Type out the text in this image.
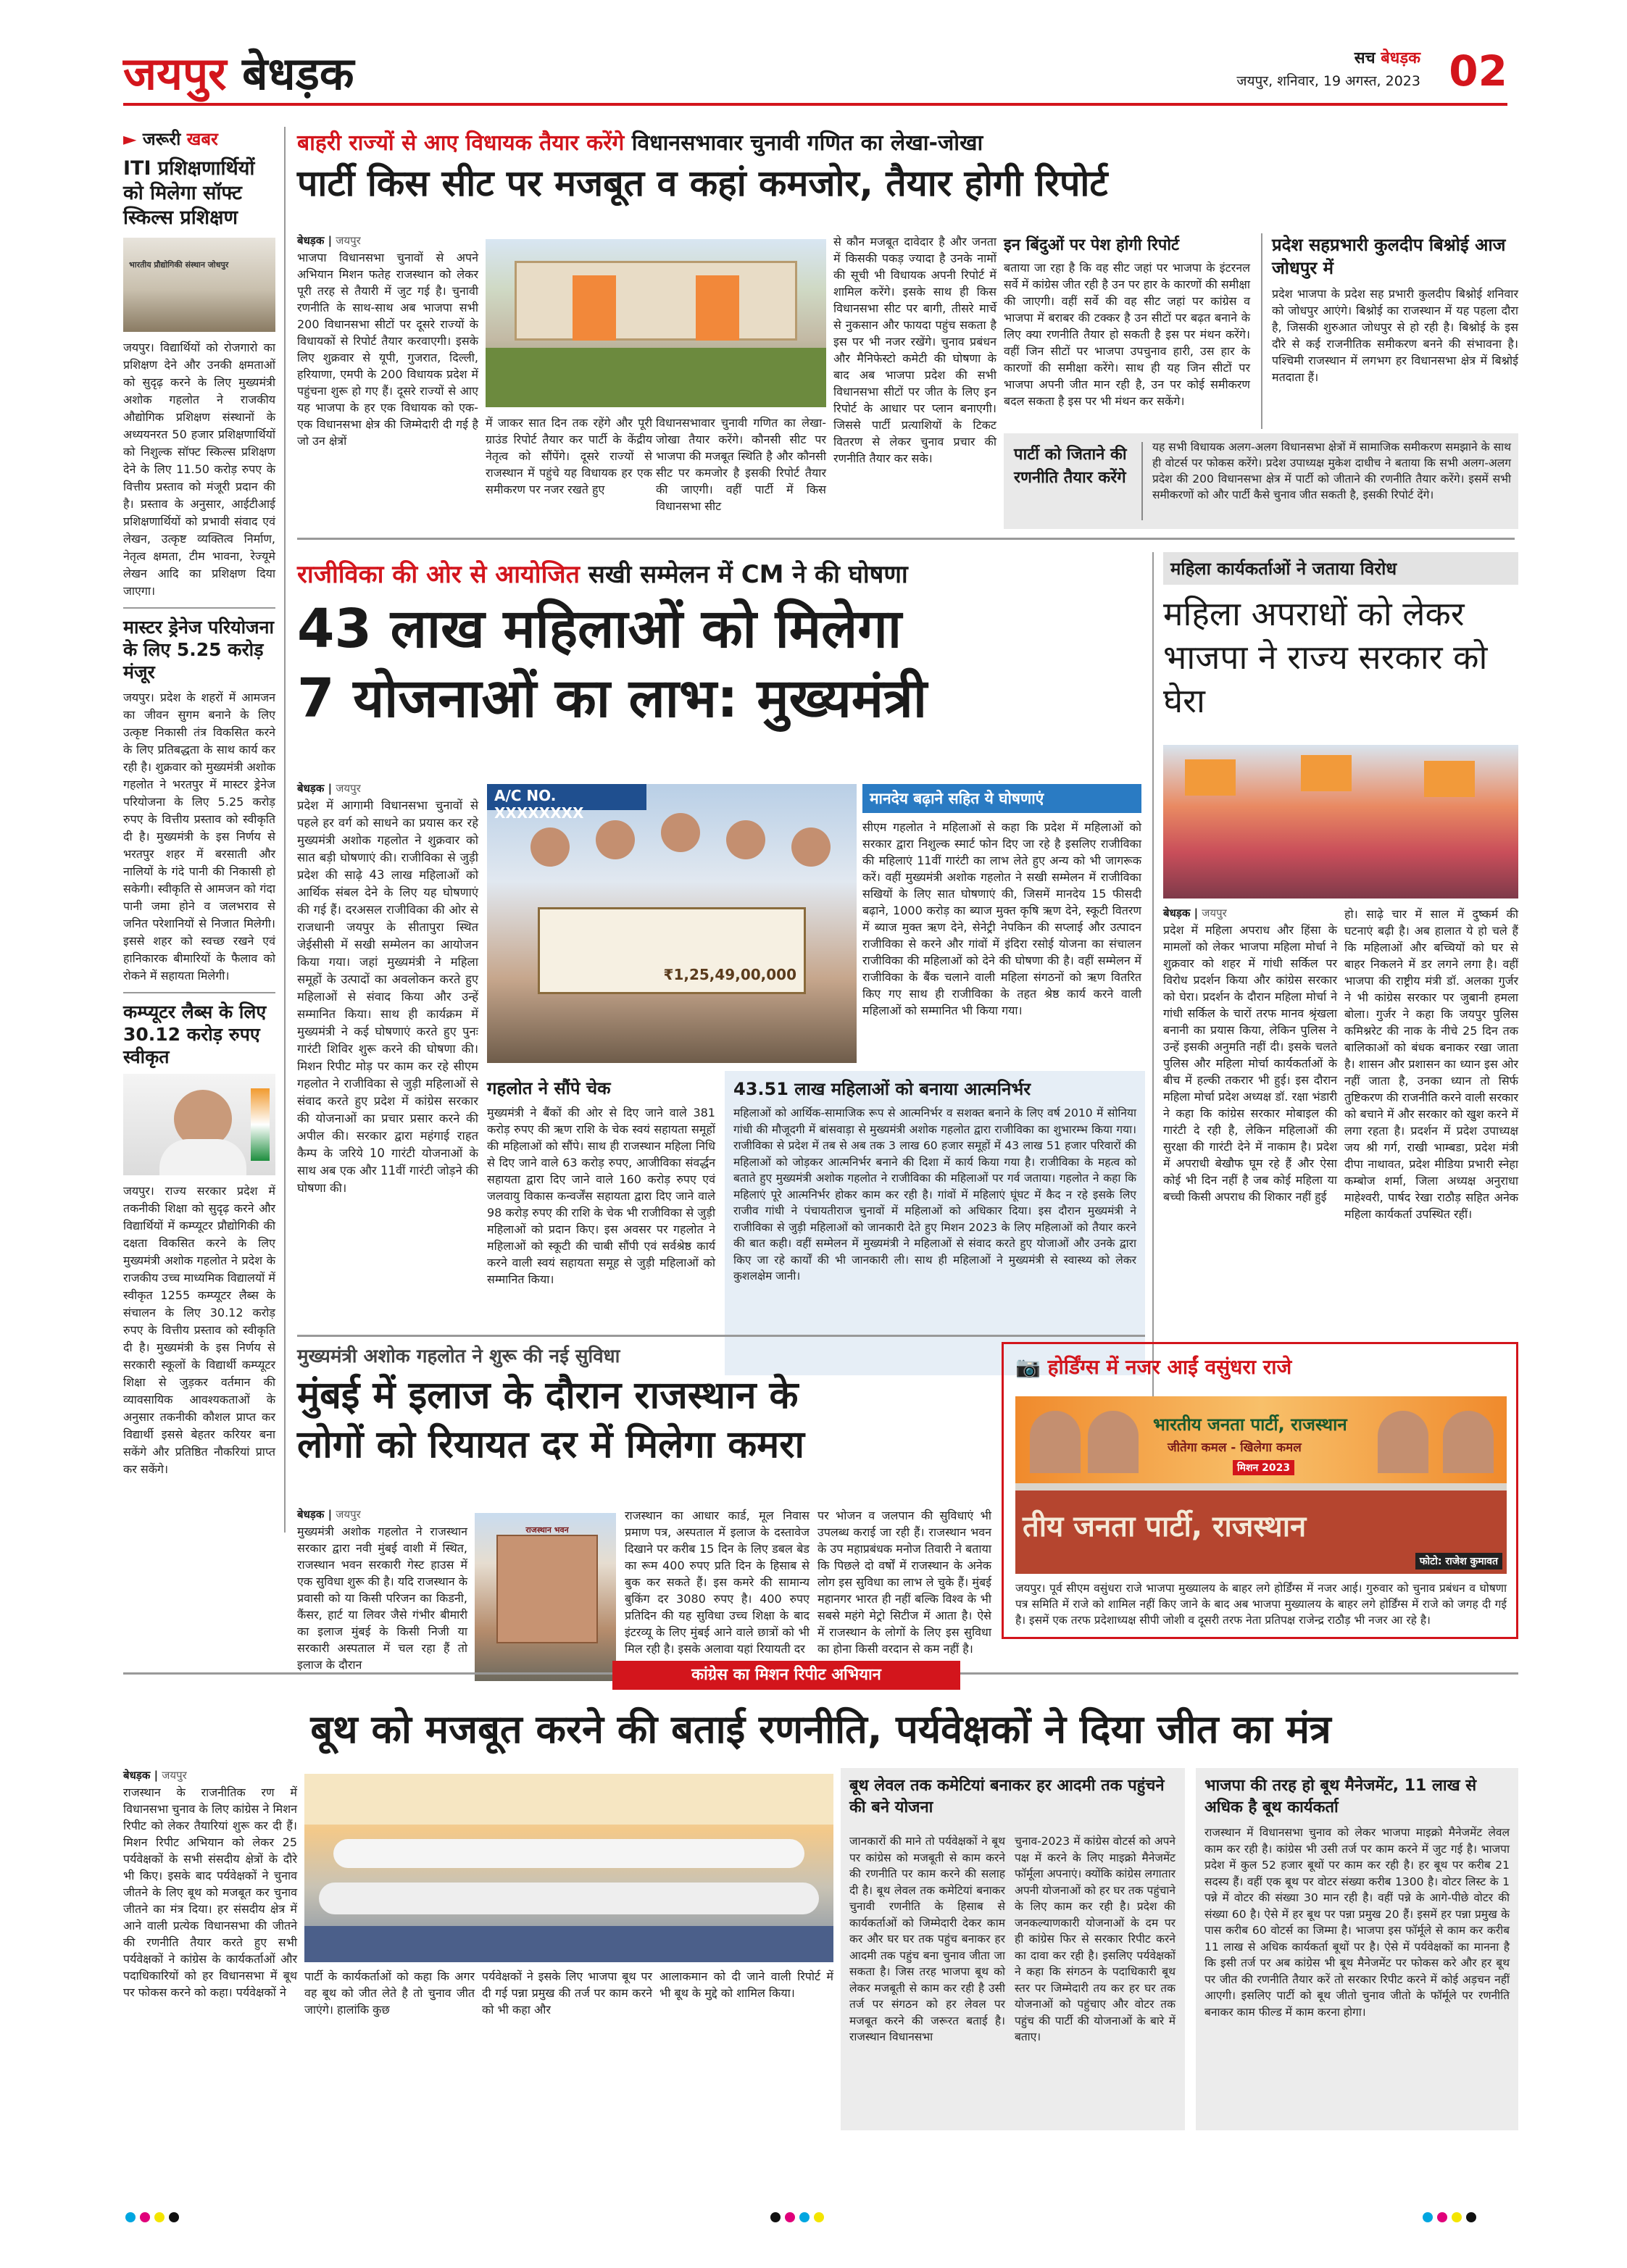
जयपुर बेधड़क	सच बेधड़क
जयपुर, शनिवार, 19 अगस्त, 2023 02
► जरूरी खबर
ITI प्रशिक्षणार्थियों को मिलेगा सॉफ्ट स्किल्स प्रशिक्षण
भारतीय प्रौद्योगिकी संस्थान जोधपुर
जयपुर। विद्यार्थियों को रोजगारो का प्रशिक्षण देने और उनकी क्षमताओं को सुदृढ़ करने के लिए मुख्यमंत्री अशोक गहलोत ने राजकीय औद्योगिक प्रशिक्षण संस्थानों के अध्ययनरत 50 हजार प्रशिक्षणार्थियों को निशुल्क सॉफ्ट स्किल्स प्रशिक्षण देने के लिए 11.50 करोड़ रुपए के वित्तीय प्रस्ताव को मंजूरी प्रदान की है। प्रस्ताव के अनुसार, आईटीआई प्रशिक्षणार्थियों को प्रभावी संवाद एवं लेखन, उत्कृष्ट व्यक्तित्व निर्माण, नेतृत्व क्षमता, टीम भावना, रेज्यूमे लेखन आदि का प्रशिक्षण दिया जाएगा।
मास्टर ड्रेनेज परियोजना के लिए 5.25 करोड़ मंजूर
जयपुर। प्रदेश के शहरों में आमजन का जीवन सुगम बनाने के लिए उत्कृष्ट निकासी तंत्र विकसित करने के लिए प्रतिबद्धता के साथ कार्य कर रही है। शुक्रवार को मुख्यमंत्री अशोक गहलोत ने भरतपुर में मास्टर ड्रेनेज परियोजना के लिए 5.25 करोड़ रुपए के वित्तीय प्रस्ताव को स्वीकृति दी है। मुख्यमंत्री के इस निर्णय से भरतपुर शहर में बरसाती और नालियों के गंदे पानी की निकासी हो सकेगी। स्वीकृति से आमजन को गंदा पानी जमा होने व जलभराव से जनित परेशानियों से निजात मिलेगी। इससे शहर को स्वच्छ रखने एवं हानिकारक बीमारियों के फैलाव को रोकने में सहायता मिलेगी।
कम्प्यूटर लैब्स के लिए 30.12 करोड़ रुपए स्वीकृत
जयपुर। राज्य सरकार प्रदेश में तकनीकी शिक्षा को सुदृढ़ करने और विद्यार्थियों में कम्प्यूटर प्रौद्योगिकी की दक्षता विकसित करने के लिए मुख्यमंत्री अशोक गहलोत ने प्रदेश के राजकीय उच्च माध्यमिक विद्यालयों में स्वीकृत 1255 कम्प्यूटर लैब्स के संचालन के लिए 30.12 करोड़ रुपए के वित्तीय प्रस्ताव को स्वीकृति दी है। मुख्यमंत्री के इस निर्णय से सरकारी स्कूलों के विद्यार्थी कम्प्यूटर शिक्षा से जुड़कर वर्तमान की व्यावसायिक आवश्यकताओं के अनुसार तकनीकी कौशल प्राप्त कर विद्यार्थी इससे बेहतर करियर बना सकेंगे और प्रतिष्ठित नौकरियां प्राप्त कर सकेंगे।
बाहरी राज्यों से आए विधायक तैयार करेंगे विधानसभावार चुनावी गणित का लेखा-जोखा
पार्टी किस सीट पर मजबूत व कहां कमजोर, तैयार होगी रिपोर्ट
बेधड़क | जयपुर
भाजपा विधानसभा चुनावों से अपने अभियान मिशन फतेह राजस्थान को लेकर पूरी तरह से तैयारी में जुट गई है। चुनावी रणनीति के साथ-साथ अब भाजपा सभी 200 विधानसभा सीटों पर दूसरे राज्यों के विधायकों से रिपोर्ट तैयार करवाएगी। इसके लिए शुक्रवार से यूपी, गुजरात, दिल्ली, हरियाणा, एमपी के 200 विधायक प्रदेश में पहुंचना शुरू हो गए हैं। दूसरे राज्यों से आए यह भाजपा के हर एक विधायक को एक-एक विधानसभा क्षेत्र की जिम्मेदारी दी गई है जो उन क्षेत्रों
में जाकर सात दिन तक रहेंगे और पूरी ग्राउंड रिपोर्ट तैयार कर पार्टी के केंद्रीय नेतृत्व को सौंपेंगे। दूसरे राज्यों से राजस्थान में पहुंचे यह विधायक हर एक समीकरण पर नजर रखते हुए
विधानसभावार चुनावी गणित का लेखा-जोखा तैयार करेंगे। कौनसी सीट पर भाजपा की मजबूत स्थिति है और कौनसी सीट पर कमजोर है इसकी रिपोर्ट तैयार की जाएगी। वहीं पार्टी में किस विधानसभा सीट
से कौन मजबूत दावेदार है और जनता में किसकी पकड़ ज्यादा है उनके नामों की सूची भी विधायक अपनी रिपोर्ट में शामिल करेंगे। इसके साथ ही किस विधानसभा सीट पर बागी, तीसरे मार्चे से नुकसान और फायदा पहुंच सकता है इस पर भी नजर रखेंगे। चुनाव प्रबंधन और मैनिफेस्टो कमेटी की घोषणा के बाद अब भाजपा प्रदेश की सभी विधानसभा सीटों पर जीत के लिए इन रिपोर्ट के आधार पर प्लान बनाएगी। जिससे पार्टी प्रत्याशियों के टिकट वितरण से लेकर चुनाव प्रचार की रणनीति तैयार कर सके।
इन बिंदुओं पर पेश होगी रिपोर्ट
बताया जा रहा है कि वह सीट जहां पर भाजपा के इंटरनल सर्वे में कांग्रेस जीत रही है उन पर हार के कारणों की समीक्षा की जाएगी। वहीं सर्वे की वह सीट जहां पर कांग्रेस व भाजपा में बराबर की टक्कर है उन सीटों पर बढ़त बनाने के लिए क्या रणनीति तैयार हो सकती है इस पर मंथन करेंगे। वहीं जिन सीटों पर भाजपा उपचुनाव हारी, उस हार के कारणों की समीक्षा करेंगे। साथ ही यह जिन सीटों पर भाजपा अपनी जीत मान रही है, उन पर कोई समीकरण बदल सकता है इस पर भी मंथन कर सकेंगे।
पार्टी को जिताने की रणनीति तैयार करेंगे
यह सभी विधायक अलग-अलग विधानसभा क्षेत्रों में सामाजिक समीकरण समझाने के साथ ही वोटर्स पर फोकस करेंगे। प्रदेश उपाध्यक्ष मुकेश दाधीच ने बताया कि सभी अलग-अलग प्रदेश की 200 विधानसभा क्षेत्र में पार्टी को जीताने की रणनीति तैयार करेंगे। इसमें सभी समीकरणों को और पार्टी कैसे चुनाव जीत सकती है, इसकी रिपोर्ट देंगे।
प्रदेश सहप्रभारी कुलदीप बिश्नोई आज जोधपुर में
प्रदेश भाजपा के प्रदेश सह प्रभारी कुलदीप बिश्नोई शनिवार को जोधपुर आएंगे। बिश्नोई का राजस्थान में यह पहला दौरा है, जिसकी शुरुआत जोधपुर से हो रही है। बिश्नोई के इस दौरे से कई राजनीतिक समीकरण बनने की संभावना है। पश्चिमी राजस्थान में लगभग हर विधानसभा क्षेत्र में बिश्नोई मतदाता हैं।
राजीविका की ओर से आयोजित सखी सम्मेलन में CM ने की घोषणा
43 लाख महिलाओं को मिलेगा
7 योजनाओं का लाभ: मुख्यमंत्री
बेधड़क | जयपुर
प्रदेश में आगामी विधानसभा चुनावों से पहले हर वर्ग को साधने का प्रयास कर रहे मुख्यमंत्री अशोक गहलोत ने शुक्रवार को सात बड़ी घोषणाएं की। राजीविका से जुड़ी प्रदेश की साढ़े 43 लाख महिलाओं को आर्थिक संबल देने के लिए यह घोषणाएं की गई हैं। दरअसल राजीविका की ओर से राजधानी जयपुर के सीतापुरा स्थित जेईसीसी में सखी सम्मेलन का आयोजन किया गया। जहां मुख्यमंत्री ने महिला समूहों के उत्पादों का अवलोकन करते हुए महिलाओं से संवाद किया और उन्हें सम्मानित किया। साथ ही कार्यक्रम में मुख्यमंत्री ने कई घोषणाएं करते हुए पुनः गारंटी शिविर शुरू करने की घोषणा की। मिशन रिपीट मोड़ पर काम कर रहे सीएम गहलोत ने राजीविका से जुड़ी महिलाओं से संवाद करते हुए प्रदेश में कांग्रेस सरकार की योजनाओं का प्रचार प्रसार करने की अपील की। सरकार द्वारा महंगाई राहत कैम्प के जरिये 10 गारंटी योजनाओं के साथ अब एक और 11वीं गारंटी जोड़ने की घोषणा की।
A/C NO. XXXXXXXX
₹1,25,49,00,000
मानदेय बढ़ाने सहित ये घोषणाएं
सीएम गहलोत ने महिलाओं से कहा कि प्रदेश में महिलाओं को सरकार द्वारा निशुल्क स्मार्ट फोन दिए जा रहे है इसलिए राजीविका की महिलाएं 11वीं गारंटी का लाभ लेते हुए अन्य को भी जागरूक करें। वहीं मुख्यमंत्री अशोक गहलोत ने सखी सम्मेलन में राजीविका सखियों के लिए सात घोषणाएं की, जिसमें मानदेय 15 फीसदी बढ़ाने, 1000 करोड़ का ब्याज मुक्त कृषि ऋण देने, स्कूटी वितरण में ब्याज मुक्त ऋण देने, सेनेट्री नेपकिन की सप्लाई और उत्पादन राजीविका से करने और गांवों में इंदिरा रसोई योजना का संचालन राजीविका की महिलाओं को देने की घोषणा की है। वहीं सम्मेलन में राजीविका के बैंक चलाने वाली महिला संगठनों को ऋण वितरित किए गए साथ ही राजीविका के तहत श्रेष्ठ कार्य करने वाली महिलाओं को सम्मानित भी किया गया।
गहलोत ने सौंपे चेक
मुख्यमंत्री ने बैंकों की ओर से दिए जाने वाले 381 करोड़ रुपए की ऋण राशि के चेक स्वयं सहायता समूहों की महिलाओं को सौंपे। साथ ही राजस्थान महिला निधि से दिए जाने वाले 63 करोड़ रुपए, आजीविका संवर्द्धन सहायता द्वारा दिए जाने वाले 160 करोड़ रुपए एवं जलवायु विकास कन्वर्जेंस सहायता द्वारा दिए जाने वाले 98 करोड़ रुपए की राशि के चेक भी राजीविका से जुड़ी महिलाओं को प्रदान किए। इस अवसर पर गहलोत ने महिलाओं को स्कूटी की चाबी सौंपी एवं सर्वश्रेष्ठ कार्य करने वाली स्वयं सहायता समूह से जुड़ी महिलाओं को सम्मानित किया।
43.51 लाख महिलाओं को बनाया आत्मनिर्भर
महिलाओं को आर्थिक-सामाजिक रूप से आत्मनिर्भर व सशक्त बनाने के लिए वर्ष 2010 में सोनिया गांधी की मौजूदगी में बांसवाड़ा से मुख्यमंत्री अशोक गहलोत द्वारा राजीविका का शुभारम्भ किया गया। राजीविका से प्रदेश में तब से अब तक 3 लाख 60 हजार समूहों में 43 लाख 51 हजार परिवारों की महिलाओं को जोड़कर आत्मनिर्भर बनाने की दिशा में कार्य किया गया है। राजीविका के महत्व को बताते हुए मुख्यमंत्री अशोक गहलोत ने राजीविका की महिलाओं पर गर्व जताया। गहलोत ने कहा कि महिलाएं पूरे आत्मनिर्भर होकर काम कर रही है। गांवों में महिलाएं घूंघट में कैद न रहे इसके लिए राजीव गांधी ने पंचायतीराज चुनावों में महिलाओं को अधिकार दिया। इस दौरान मुख्यमंत्री ने राजीविका से जुड़ी महिलाओं को जानकारी देते हुए मिशन 2023 के लिए महिलाओं को तैयार करने की बात कही। वहीं सम्मेलन में मुख्यमंत्री ने महिलाओं से संवाद करते हुए योजाओं और उनके द्वारा किए जा रहे कार्यों की भी जानकारी ली। साथ ही महिलाओं ने मुख्यमंत्री से स्वास्थ्य को लेकर कुशलक्षेम जानी।
महिला कार्यकर्ताओं ने जताया विरोध
महिला अपराधों को लेकर भाजपा ने राज्य सरकार को घेरा
बेधड़क | जयपुर
प्रदेश में महिला अपराध और हिंसा के मामलों को लेकर भाजपा महिला मोर्चा ने शुक्रवार को शहर में गांधी सर्किल पर विरोध प्रदर्शन किया और कांग्रेस सरकार को घेरा। प्रदर्शन के दौरान महिला मोर्चा ने गांधी सर्किल के चारों तरफ मानव श्रृंखला बनानी का प्रयास किया, लेकिन पुलिस ने उन्हें इसकी अनुमति नहीं दी। इसके चलते पुलिस और महिला मोर्चा कार्यकर्ताओं के बीच में हल्की तकरार भी हुई। इस दौरान महिला मोर्चा प्रदेश अध्यक्ष डॉ. रक्षा भंडारी ने कहा कि कांग्रेस सरकार मोबाइल की गारंटी दे रही है, लेकिन महिलाओं की सुरक्षा की गारंटी देने में नाकाम है। प्रदेश में अपराधी बेखौफ घूम रहे हैं और ऐसा कोई भी दिन नहीं है जब कोई महिला या बच्ची किसी अपराध की शिकार नहीं हुई
हो। साढ़े चार में साल में दुष्कर्म की घटनाएं बढ़ी है। अब हालात ये हो चले हैं कि महिलाओं और बच्चियों को घर से बाहर निकलने में डर लगने लगा है। वहीं भाजपा की राष्ट्रीय मंत्री डॉ. अलका गुर्जर ने भी कांग्रेस सरकार पर जुबानी हमला बोला। गुर्जर ने कहा कि जयपुर पुलिस कमिश्नरेट की नाक के नीचे 25 दिन तक बालिकाओं को बंधक बनाकर रखा जाता है। शासन और प्रशासन का ध्यान इस ओर नहीं जाता है, उनका ध्यान तो सिर्फ तुष्टिकरण की राजनीति करने वाली सरकार को बचाने में और सरकार को खुश करने में लगा रहता है। प्रदर्शन में प्रदेश उपाध्यक्ष जय श्री गर्ग, राखी भाम्बडा, प्रदेश मंत्री दीपा नाथावत, प्रदेश मीडिया प्रभारी स्नेहा कम्बोज शर्मा, जिला अध्यक्ष अनुराधा माहेश्वरी, पार्षद रेखा राठौड़ सहित अनेक महिला कार्यकर्ता उपस्थित रहीं।
मुख्यमंत्री अशोक गहलोत ने शुरू की नई सुविधा
मुंबई में इलाज के दौरान राजस्थान के
लोगों को रियायत दर में मिलेगा कमरा
बेधड़क | जयपुर
मुख्यमंत्री अशोक गहलोत ने राजस्थान सरकार द्वारा नवी मुंबई वाशी में स्थित, राजस्थान भवन सरकारी गेस्ट हाउस में एक सुविधा शुरू की है। यदि राजस्थान के प्रवासी को या किसी परिजन का किडनी, कैंसर, हार्ट या लिवर जैसे गंभीर बीमारी का इलाज मुंबई के किसी निजी या सरकारी अस्पताल में चल रहा हैं तो इलाज के दौरान
राजस्थान भवन
राजस्थान का आधार कार्ड, मूल निवास प्रमाण पत्र, अस्पताल में इलाज के दस्तावेज दिखाने पर करीब 15 दिन के लिए डबल बेड का रूम 400 रुपए प्रति दिन के हिसाब से बुक कर सकते हैं। इस कमरे की सामान्य बुकिंग दर 3080 रुपए है। 400 रुपए प्रतिदिन की यह सुविधा उच्च शिक्षा के बाद इंटरव्यू के लिए मुंबई आने वाले छात्रों को भी मिल रही है। इसके अलावा यहां रियायती दर
पर भोजन व जलपान की सुविधाएं भी उपलब्ध कराई जा रही हैं। राजस्थान भवन के उप महाप्रबंधक मनोज तिवारी ने बताया कि पिछले दो वर्षों में राजस्थान के अनेक लोग इस सुविधा का लाभ ले चुके हैं। मुंबई महानगर भारत ही नहीं बल्कि विश्व के भी सबसे महंगे मेट्रो सिटीज में आता है। ऐसे में राजस्थान के लोगों के लिए इस सुविधा का होना किसी वरदान से कम नहीं है।
📷 होर्डिंग्स में नजर आईं वसुंधरा राजे
भारतीय जनता पार्टी, राजस्थान
जीतेगा कमल - खिलेगा कमल
मिशन 2023
तीय जनता पार्टी, राजस्थान
फोटो: राजेश कुमावत
जयपुर। पूर्व सीएम वसुंधरा राजे भाजपा मुख्यालय के बाहर लगे होर्डिंग्स में नजर आई। गुरुवार को चुनाव प्रबंधन व घोषणा पत्र समिति में राजे को शामिल नहीं किए जाने के बाद अब भाजपा मुख्यालय के बाहर लगे होर्डिंग्स में राजे को जगह दी गई है। इसमें एक तरफ प्रदेशाध्यक्ष सीपी जोशी व दूसरी तरफ नेता प्रतिपक्ष राजेन्द्र राठौड़ भी नजर आ रहे है।
कांग्रेस का मिशन रिपीट अभियान
बूथ को मजबूत करने की बताई रणनीति, पर्यवेक्षकों ने दिया जीत का मंत्र
बेधड़क | जयपुर
राजस्थान के राजनीतिक रण में विधानसभा चुनाव के लिए कांग्रेस ने मिशन रिपीट को लेकर तैयारियां शुरू कर दी हैं। मिशन रिपीट अभियान को लेकर 25 पर्यवेक्षकों के सभी संसदीय क्षेत्रों के दौरे भी किए। इसके बाद पर्यवेक्षकों ने चुनाव जीतने के लिए बूथ को मजबूत कर चुनाव जीतने का मंत्र दिया। हर संसदीय क्षेत्र में आने वाली प्रत्येक विधानसभा की जीतने की रणनीति तैयार करते हुए सभी पर्यवेक्षकों ने कांग्रेस के कार्यकर्ताओं और पदाधिकारियों को हर विधानसभा में बूथ पर फोकस करने को कहा। पर्यवेक्षकों ने
पार्टी के कार्यकर्ताओं को कहा कि अगर वह बूथ को जीत लेते है तो चुनाव जीत जाएंगे। हालांकि कुछ
पर्यवेक्षकों ने इसके लिए भाजपा बूथ पर दी गई पन्ना प्रमुख की तर्ज पर काम करने को भी कहा और
आलाकमान को दी जाने वाली रिपोर्ट में भी बूथ के मुद्दे को शामिल किया।
बूथ लेवल तक कमेटियां बनाकर हर आदमी तक पहुंचने की बने योजना
जानकारों की माने तो पर्यवेक्षकों ने बूथ पर कांग्रेस को मजबूती से काम करने की रणनीति पर काम करने की सलाह दी है। बूथ लेवल तक कमेटियां बनाकर चुनावी रणनीति के हिसाब से कार्यकर्ताओं को जिम्मेदारी देकर काम कर और घर घर तक पहुंच बनाकर हर आदमी तक पहुंच बना चुनाव जीता जा सकता है। जिस तरह भाजपा बूथ को लेकर मजबूती से काम कर रही है उसी तर्ज पर संगठन को हर लेवल पर मजबूत करने की जरूरत बताई है। राजस्थान विधानसभा
चुनाव-2023 में कांग्रेस वोटर्स को अपने पक्ष में करने के लिए माइक्रो मैनेजमेंट फॉर्मूला अपनाएं। क्योंकि कांग्रेस लगातार अपनी योजनाओं को हर घर तक पहुंचाने के लिए काम कर रही है। प्रदेश की जनकल्याणकारी योजनाओं के दम पर ही कांग्रेस फिर से सरकार रिपीट करने का दावा कर रही है। इसलिए पर्यवेक्षकों ने कहा कि संगठन के पदाधिकारी बूथ स्तर पर जिम्मेदारी तय कर हर घर तक योजनाओं को पहुंचाए और वोटर तक पहुंच की पार्टी की योजनाओं के बारे में बताए।
भाजपा की तरह हो बूथ मैनेजमेंट, 11 लाख से अधिक है बूथ कार्यकर्ता
राजस्थान में विधानसभा चुनाव को लेकर भाजपा माइक्रो मैनेजमेंट लेवल काम कर रही है। कांग्रेस भी उसी तर्ज पर काम करने में जुट गई है। भाजपा प्रदेश में कुल 52 हजार बूथों पर काम कर रही है। हर बूथ पर करीब 21 सदस्य हैं। वहीं एक बूथ पर वोटर संख्या करीब 1300 है। वोटर लिस्ट के 1 पन्ने में वोटर की संख्या 30 मान रही है। वहीं पन्ने के आगे-पीछे वोटर की संख्या 60 है। ऐसे में हर बूथ पर पन्ना प्रमुख 20 हैं। इसमें हर पन्ना प्रमुख के पास करीब 60 वोटर्स का जिम्मा है। भाजपा इस फॉर्मूले से काम कर करीब 11 लाख से अधिक कार्यकर्ता बूथों पर है। ऐसे में पर्यवेक्षकों का मानना है कि इसी तर्ज पर अब कांग्रेस भी बूथ मैनेजमेंट पर फोकस करे और हर बूथ पर जीत की रणनीति तैयार करें तो सरकार रिपीट करने में कोई अड़चन नहीं आएगी। इसलिए पार्टी को बूथ जीतो चुनाव जीतो के फॉर्मूले पर रणनीति बनाकर काम फील्ड में काम करना होगा।
